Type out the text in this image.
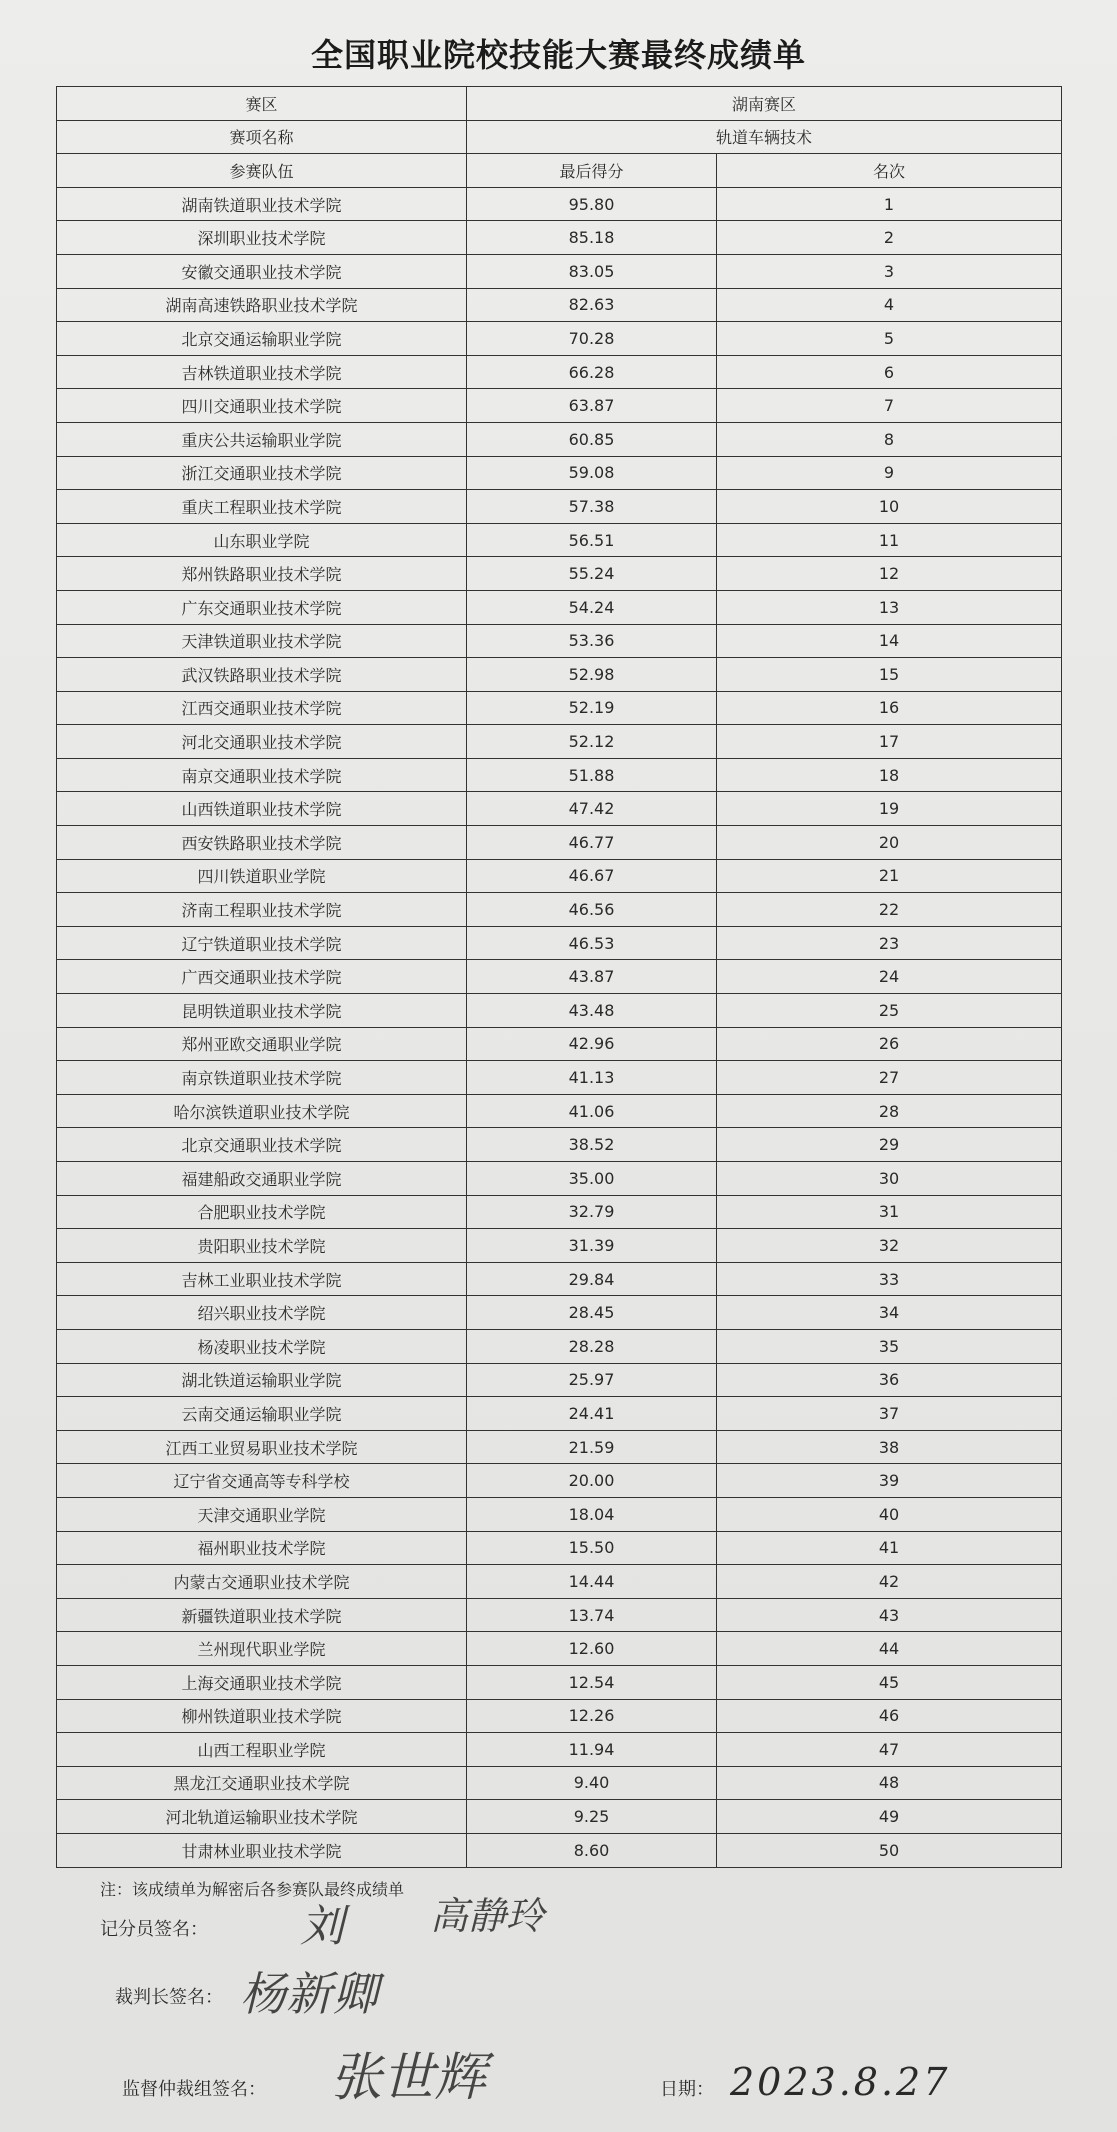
全国职业院校技能大赛最终成绩单
赛区	湖南赛区	
赛项名称	轨道车辆技术	
参赛队伍	最后得分	名次
湖南铁道职业技术学院	95.80	1
深圳职业技术学院	85.18	2
安徽交通职业技术学院	83.05	3
湖南高速铁路职业技术学院	82.63	4
北京交通运输职业学院	70.28	5
吉林铁道职业技术学院	66.28	6
四川交通职业技术学院	63.87	7
重庆公共运输职业学院	60.85	8
浙江交通职业技术学院	59.08	9
重庆工程职业技术学院	57.38	10
山东职业学院	56.51	11
郑州铁路职业技术学院	55.24	12
广东交通职业技术学院	54.24	13
天津铁道职业技术学院	53.36	14
武汉铁路职业技术学院	52.98	15
江西交通职业技术学院	52.19	16
河北交通职业技术学院	52.12	17
南京交通职业技术学院	51.88	18
山西铁道职业技术学院	47.42	19
西安铁路职业技术学院	46.77	20
四川铁道职业学院	46.67	21
济南工程职业技术学院	46.56	22
辽宁铁道职业技术学院	46.53	23
广西交通职业技术学院	43.87	24
昆明铁道职业技术学院	43.48	25
郑州亚欧交通职业学院	42.96	26
南京铁道职业技术学院	41.13	27
哈尔滨铁道职业技术学院	41.06	28
北京交通职业技术学院	38.52	29
福建船政交通职业学院	35.00	30
合肥职业技术学院	32.79	31
贵阳职业技术学院	31.39	32
吉林工业职业技术学院	29.84	33
绍兴职业技术学院	28.45	34
杨凌职业技术学院	28.28	35
湖北铁道运输职业学院	25.97	36
云南交通运输职业学院	24.41	37
江西工业贸易职业技术学院	21.59	38
辽宁省交通高等专科学校	20.00	39
天津交通职业学院	18.04	40
福州职业技术学院	15.50	41
内蒙古交通职业技术学院	14.44	42
新疆铁道职业技术学院	13.74	43
兰州现代职业学院	12.60	44
上海交通职业技术学院	12.54	45
柳州铁道职业技术学院	12.26	46
山西工程职业学院	11.94	47
黑龙江交通职业技术学院	9.40	48
河北轨道运输职业技术学院	9.25	49
甘肃林业职业技术学院	8.60	50
注：该成绩单为解密后各参赛队最终成绩单
记分员签名： 刘 高静玲
裁判长签名： 杨新卿
监督仲裁组签名： 张世辉	日期： 2023.8.27
